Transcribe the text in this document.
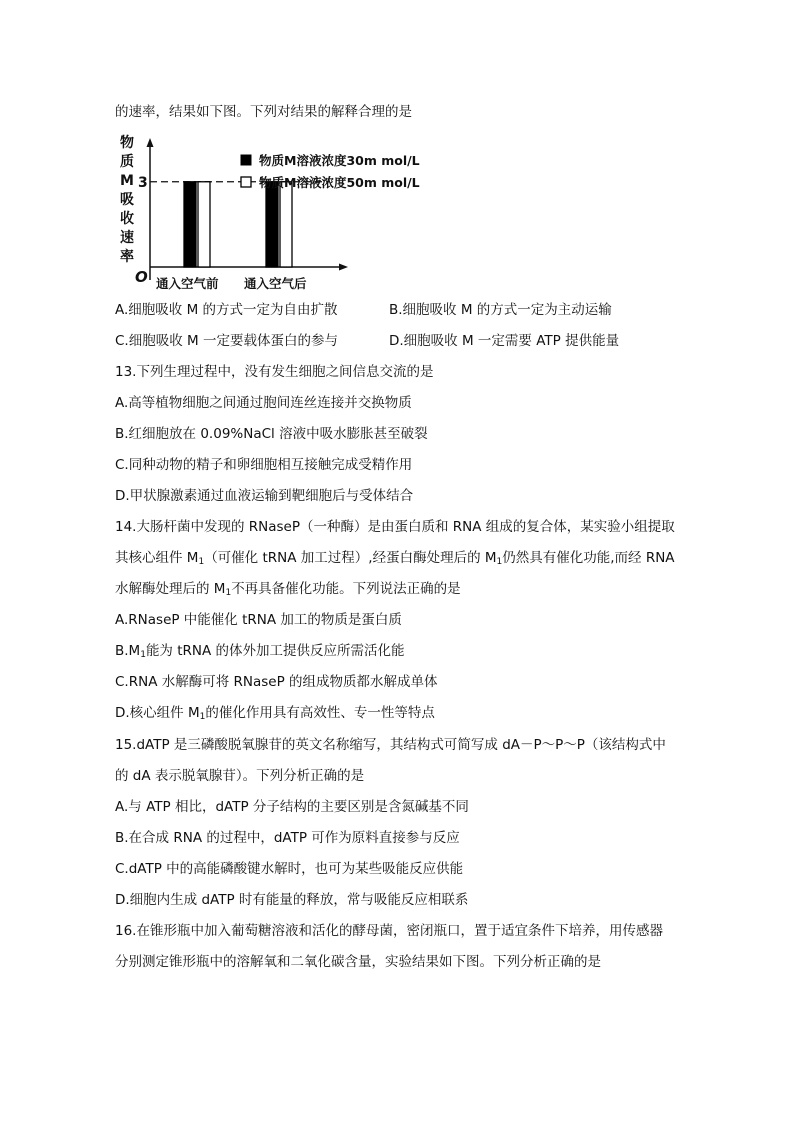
的速率，结果如下图。下列对结果的解释合理的是
物
质
M
吸
收
速
率
O
3
通入空气前 通入空气后
物质M溶液浓度30m mol/L
物质M溶液浓度50m mol/L
A.细胞吸收 M 的方式一定为自由扩散	B.细胞吸收 M 的方式一定为主动运输
C.细胞吸收 M 一定要载体蛋白的参与	D.细胞吸收 M 一定需要 ATP 提供能量
13.下列生理过程中，没有发生细胞之间信息交流的是
A.高等植物细胞之间通过胞间连丝连接并交换物质
B.红细胞放在 0.09%NaCl 溶液中吸水膨胀甚至破裂
C.同种动物的精子和卵细胞相互接触完成受精作用
D.甲状腺激素通过血液运输到靶细胞后与受体结合
14.大肠杆菌中发现的 RNaseP（一种酶）是由蛋白质和 RNA 组成的复合体，某实验小组提取
其核心组件 $M_1$（可催化 tRNA 加工过程）,经蛋白酶处理后的 $M_1$仍然具有催化功能,而经 RNA
水解酶处理后的 $M_1$不再具备催化功能。下列说法正确的是
A.RNaseP 中能催化 tRNA 加工的物质是蛋白质
$B.M_1$能为 tRNA 的体外加工提供反应所需活化能
C.RNA 水解酶可将 RNaseP 的组成物质都水解成单体
D.核心组件 $M_1$的催化作用具有高效性、专一性等特点
15.dATP 是三磷酸脱氧腺苷的英文名称缩写，其结构式可简写成 dA－P～P～P（该结构式中
的 dA 表示脱氧腺苷）。下列分析正确的是
A.与 ATP 相比，dATP 分子结构的主要区别是含氮碱基不同
B.在合成 RNA 的过程中，dATP 可作为原料直接参与反应
C.dATP 中的高能磷酸键水解时，也可为某些吸能反应供能
D.细胞内生成 dATP 时有能量的释放，常与吸能反应相联系
16.在锥形瓶中加入葡萄糖溶液和活化的酵母菌，密闭瓶口，置于适宜条件下培养，用传感器
分别测定锥形瓶中的溶解氧和二氧化碳含量，实验结果如下图。下列分析正确的是
